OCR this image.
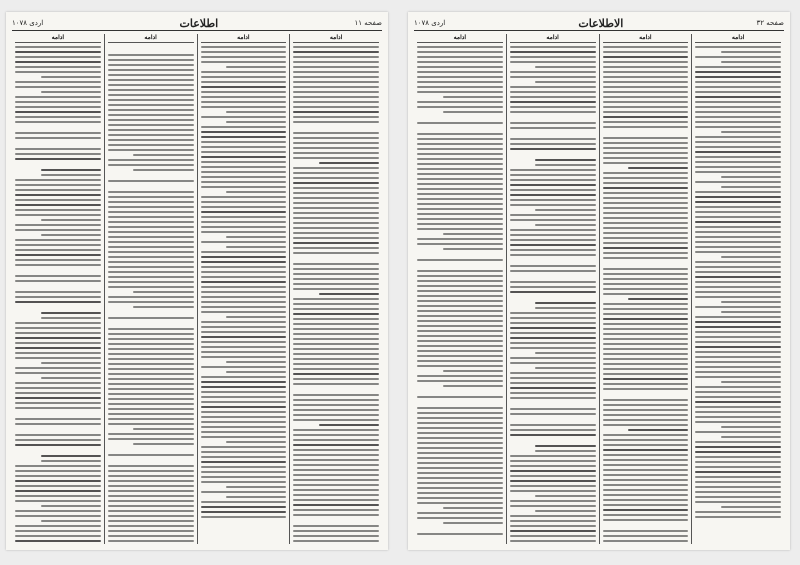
صفحه ۱۱
اطلاعات
اردی ۱۰۷۸
ادامه
ادامه
ادامه
ادامه
صفحه ۳۲
الاطلاعات
اردی ۱۰۷۸
ادامه
ادامه
ادامه
ادامه
